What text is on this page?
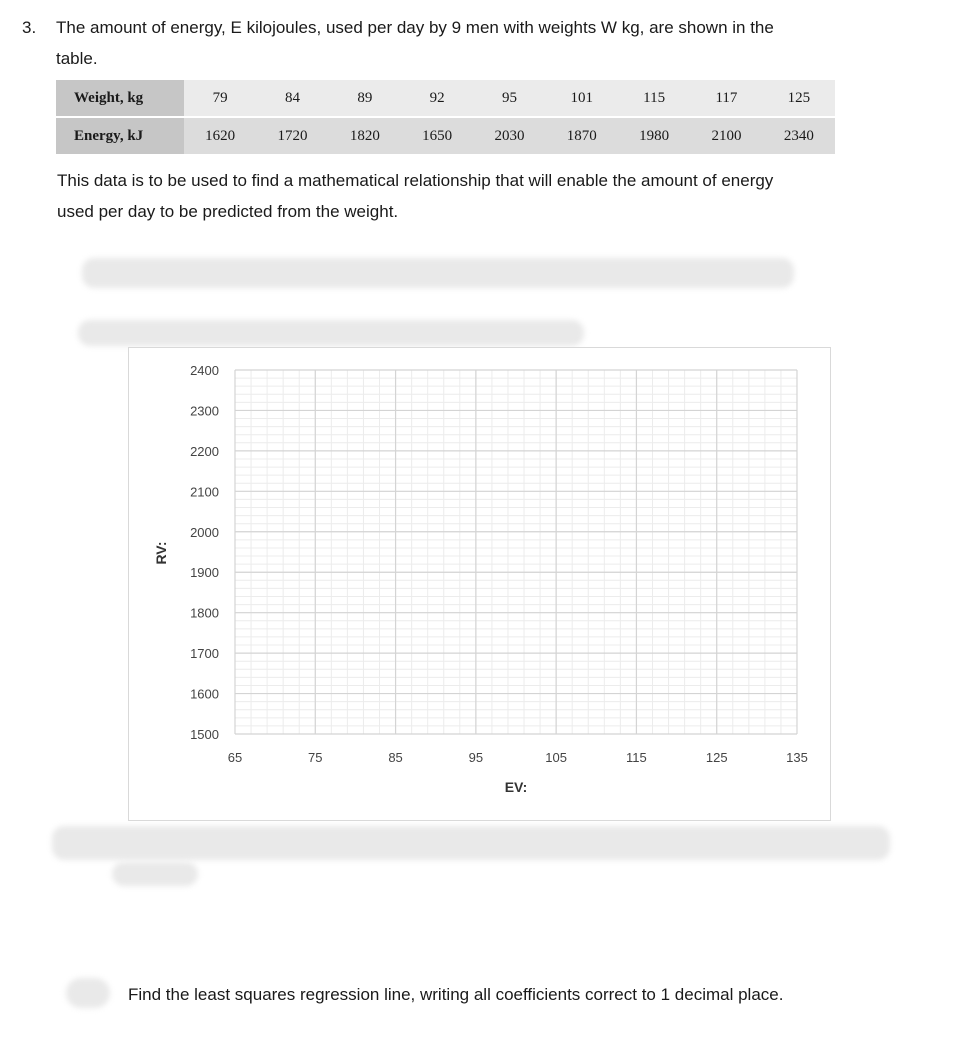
3. The amount of energy, E kilojoules, used per day by 9 men with weights W kg, are shown in the
table.
Weight, kg	79	84	89	92	95	101	115	117	125
Energy, kJ	1620	1720	1820	1650	2030	1870	1980	2100	2340
This data is to be used to find a mathematical relationship that will enable the amount of energy
used per day to be predicted from the weight.
1500
1600
1700
1800
1900
2000
2100
2200
2300
2400
65	75	85	95	105	115	125	135
RV:
EV:
Find the least squares regression line, writing all coefficients correct to 1 decimal place.
